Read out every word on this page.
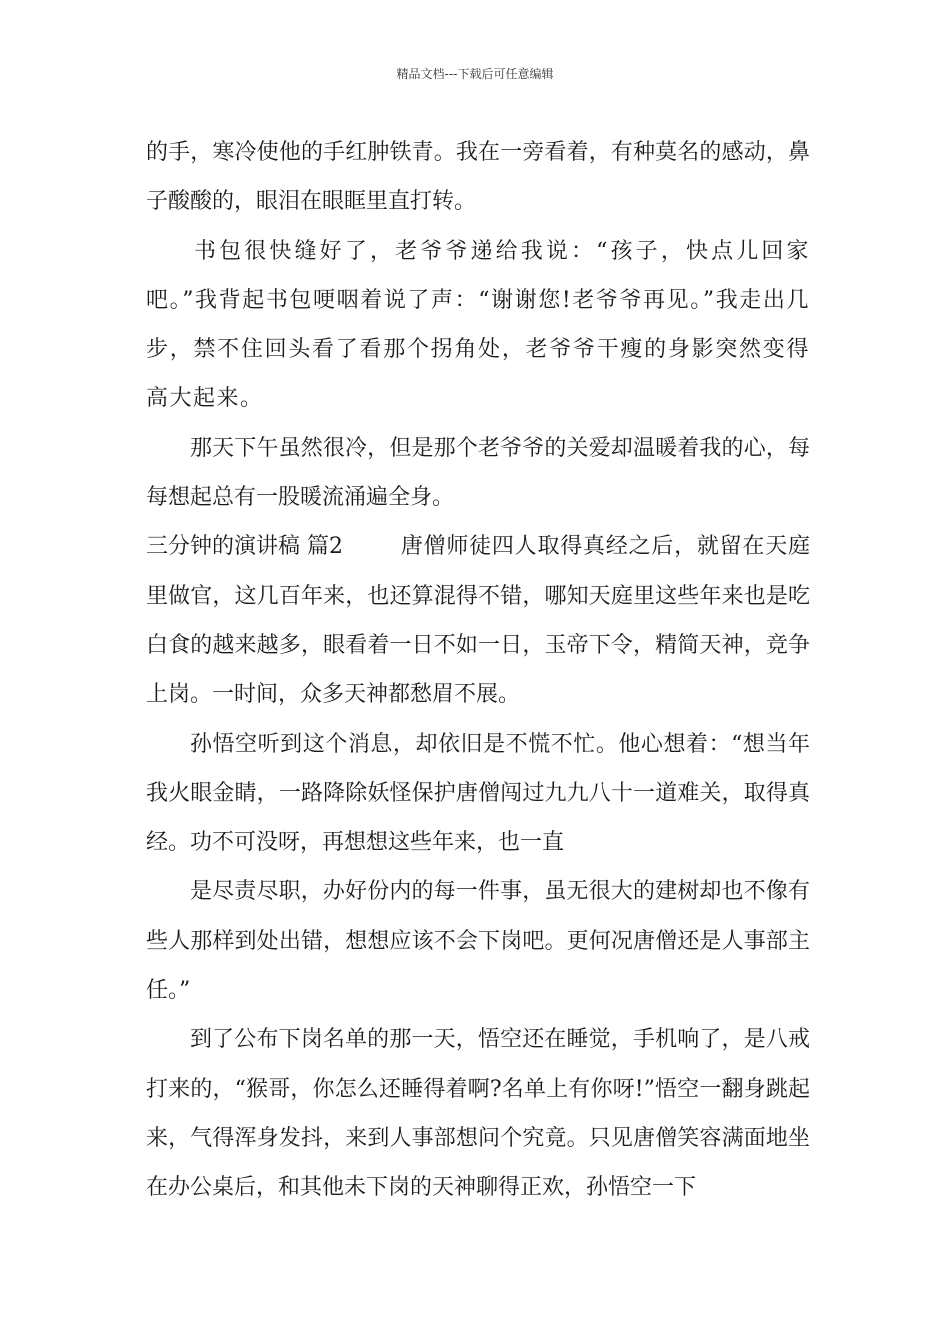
精品文档---下载后可任意编辑

的手，寒冷使他的手红肿铁青。我在一旁看着，有种莫名的感动，鼻子酸酸的，眼泪在眼眶里直打转。

书包很快缝好了，老爷爷递给我说：“孩子，快点儿回家吧。”我背起书包哽咽着说了声：“谢谢您!老爷爷再见。”我走出几步，禁不住回头看了看那个拐角处，老爷爷干瘦的身影突然变得高大起来。

那天下午虽然很冷，但是那个老爷爷的关爱却温暖着我的心，每每想起总有一股暖流涌遍全身。

三分钟的演讲稿 篇2	唐僧师徒四人取得真经之后，就留在天庭里做官，这几百年来，也还算混得不错，哪知天庭里这些年来也是吃白食的越来越多，眼看着一日不如一日，玉帝下令，精简天神，竞争上岗。一时间，众多天神都愁眉不展。

孙悟空听到这个消息，却依旧是不慌不忙。他心想着：“想当年我火眼金睛，一路降除妖怪保护唐僧闯过九九八十一道难关，取得真经。功不可没呀，再想想这些年来，也一直

是尽责尽职，办好份内的每一件事，虽无很大的建树却也不像有些人那样到处出错，想想应该不会下岗吧。更何况唐僧还是人事部主任。”

到了公布下岗名单的那一天，悟空还在睡觉，手机响了，是八戒打来的，“猴哥，你怎么还睡得着啊?名单上有你呀!”悟空一翻身跳起来，气得浑身发抖，来到人事部想问个究竟。只见唐僧笑容满面地坐在办公桌后，和其他未下岗的天神聊得正欢，孙悟空一下
